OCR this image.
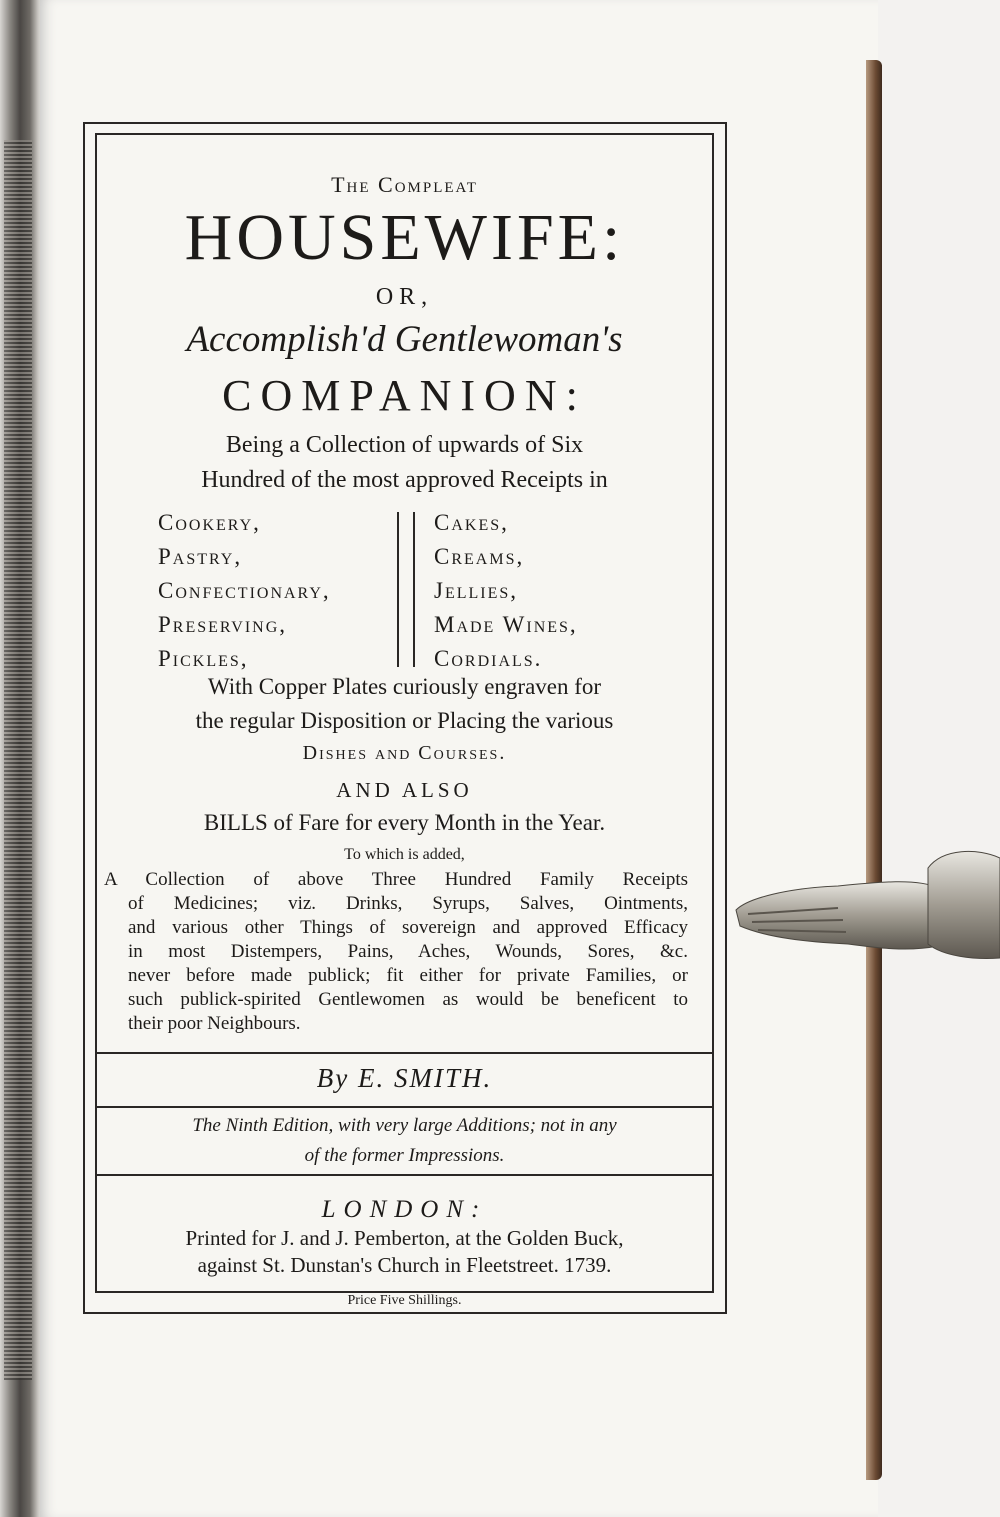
The Compleat
HOUSEWIFE:
OR,
Accomplish'd Gentlewoman's
COMPANION:
Being a Collection of upwards of Six
Hundred of the most approved Receipts in
Cookery,
Pastry,
Confectionary,
Preserving,
Pickles,
Cakes,
Creams,
Jellies,
Made Wines,
Cordials.
With Copper Plates curiously engraven for
the regular Disposition or Placing the various
Dishes and Courses.
AND ALSO
BILLS of Fare for every Month in the Year.
To which is added,
A Collection of above Three Hundred Family Receipts
of Medicines; viz. Drinks, Syrups, Salves, Ointments,
and various other Things of sovereign and approved Efficacy
in most Distempers, Pains, Aches, Wounds, Sores, &c.
never before made publick; fit either for private Families, or
such publick-spirited Gentlewomen as would be beneficent to
their poor Neighbours.
By E. SMITH.
The Ninth Edition, with very large Additions; not in any
of the former Impressions.
LONDON:
Printed for J. and J. Pemberton, at the Golden Buck,
against St. Dunstan's Church in Fleetstreet. 1739.
Price Five Shillings.
